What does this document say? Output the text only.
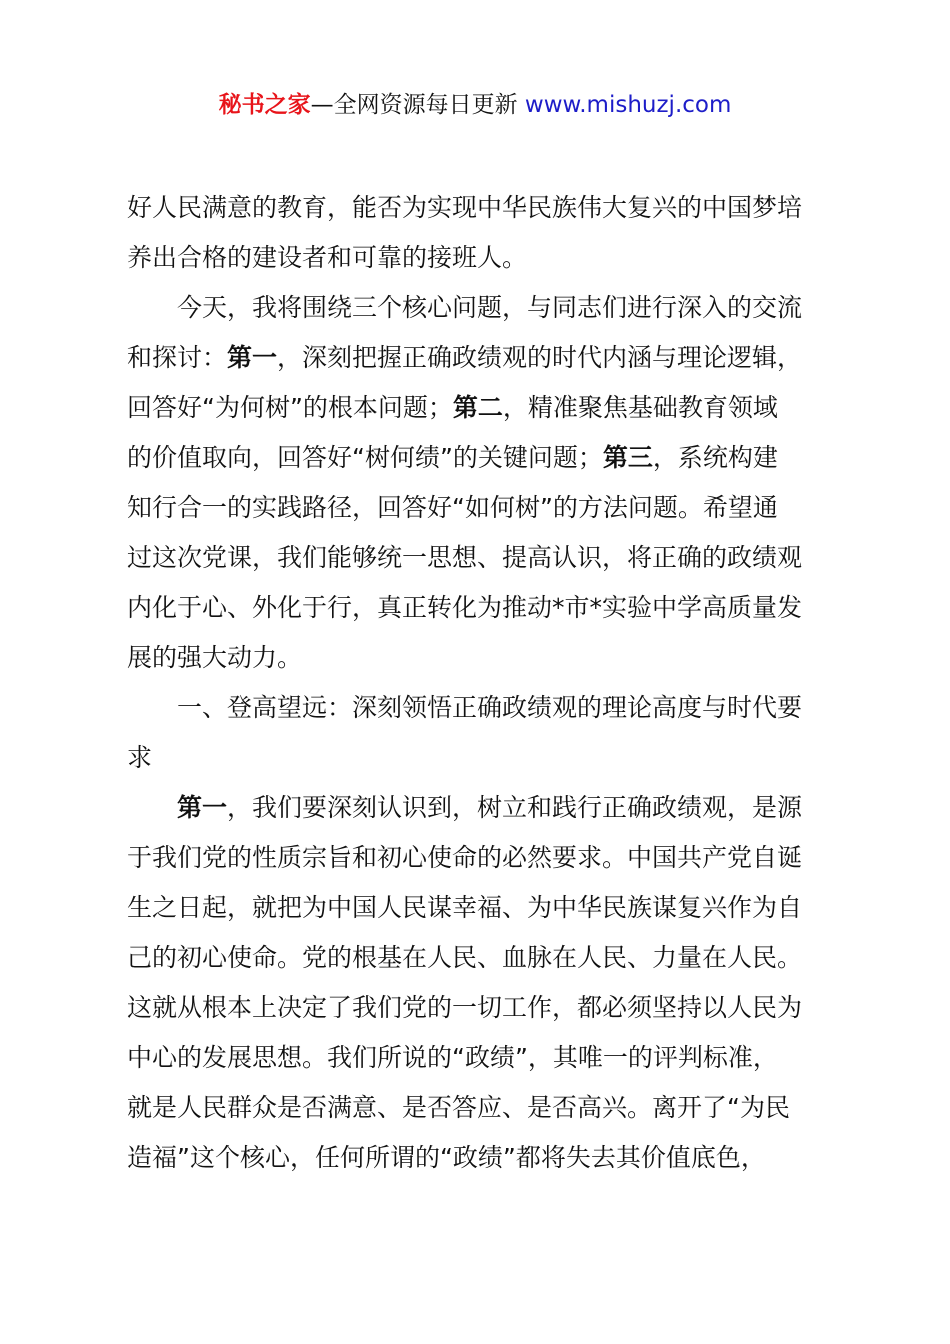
秘书之家—全网资源每日更新 www.mishuzj.com
好人民满意的教育，能否为实现中华民族伟大复兴的中国梦培
养出合格的建设者和可靠的接班人。
今天，我将围绕三个核心问题，与同志们进行深入的交流
和探讨：第一，深刻把握正确政绩观的时代内涵与理论逻辑，
回答好“为何树”的根本问题；第二，精准聚焦基础教育领域
的价值取向，回答好“树何绩”的关键问题；第三，系统构建
知行合一的实践路径，回答好“如何树”的方法问题。希望通
过这次党课，我们能够统一思想、提高认识，将正确的政绩观
内化于心、外化于行，真正转化为推动*市*实验中学高质量发
展的强大动力。
一、登高望远：深刻领悟正确政绩观的理论高度与时代要
求
第一，我们要深刻认识到，树立和践行正确政绩观，是源
于我们党的性质宗旨和初心使命的必然要求。中国共产党自诞
生之日起，就把为中国人民谋幸福、为中华民族谋复兴作为自
己的初心使命。党的根基在人民、血脉在人民、力量在人民。
这就从根本上决定了我们党的一切工作，都必须坚持以人民为
中心的发展思想。我们所说的“政绩”，其唯一的评判标准，
就是人民群众是否满意、是否答应、是否高兴。离开了“为民
造福”这个核心，任何所谓的“政绩”都将失去其价值底色，
